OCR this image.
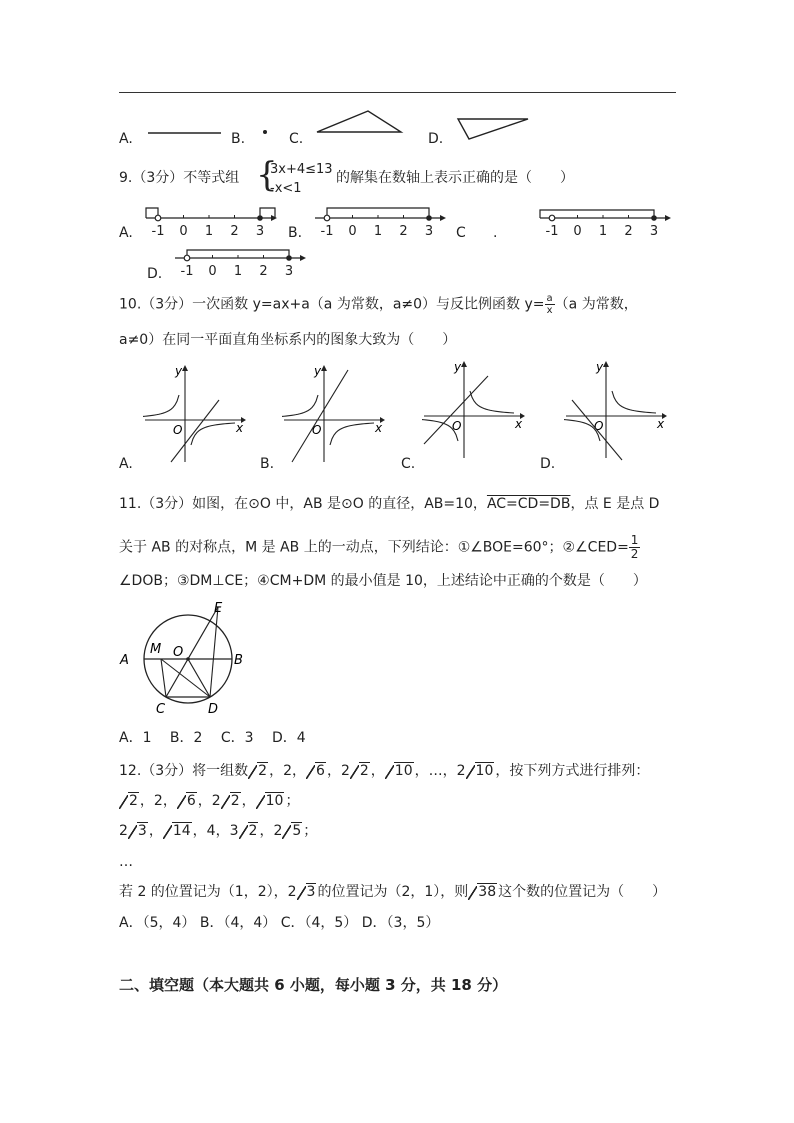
A.	B.	C.	D.
9.（3分）不等式组 {
3x+4≤13
-x<1
的解集在数轴上表示正确的是（　　）
A. -1 0 1 2 3 B. -1 0 1 2 3 C .	-1 0 1 2 3
D. -1 0 1 2 3
10.（3分）一次函数 y=ax+a（a 为常数，a≠0）与反比例函数 $y= \frac{a}{x} (a$ 为常数，
a≠0）在同一平面直角坐标系内的图象大致为（　　）
A.
y
x
O
B.
y
x
O
C.
y
x
O
D.
y
x
O
11.（3分）如图，在⊙O 中，AB 是⊙O 的直径，AB=10，AC=CD=DB，点 E 是点 D
关于 AB 的对称点，M 是 AB 上的一动点，下列结论：①∠BOE=60°；②∠CED= $\frac{1}{2}$
∠DOB；③DM⊥CE；④CM+DM 的最小值是 10，上述结论中正确的个数是（　　）
A	B
C	D
E
M O
A．1　 B．2　 C．3　 D．4
12.（3分）将一组数 2 ，2， 6 ，2 2 ， 10 ，…，2 10 ，按下列方式进行排列：
2 ，2， 6 ，2 2 ， 10 ；
2 3 ， 14 ，4，3 2 ，2 5 ；
…
若 2 的位置记为（1，2），2 3 的位置记为（2，1），则 38 这个数的位置记为（　　）
A．（5，4） B．（4，4） C．（4，5） D．（3，5）
二、填空题（本大题共 6 小题，每小题 3 分，共 18 分）
